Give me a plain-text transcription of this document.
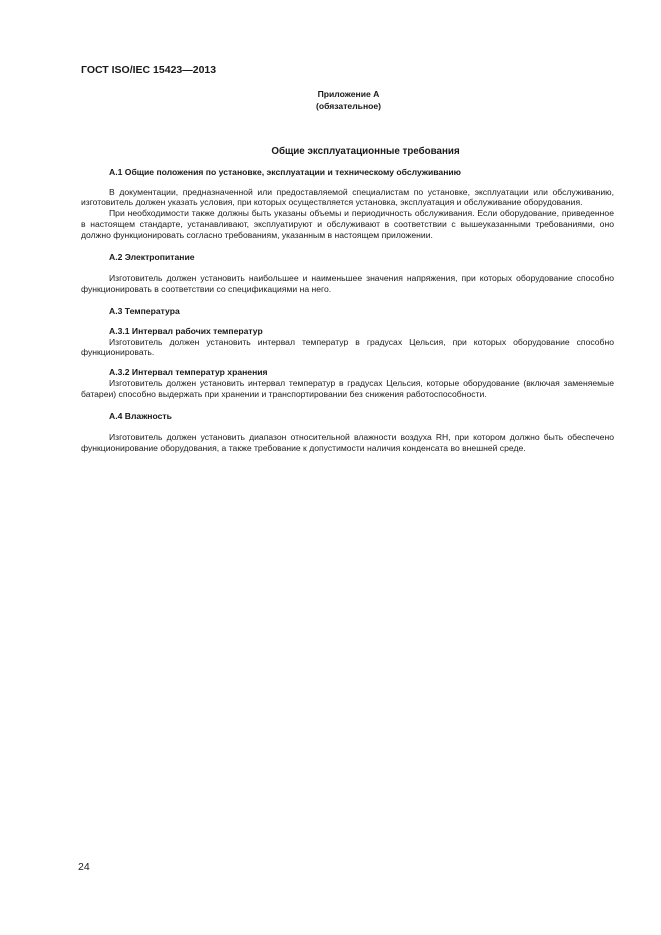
ГОСТ ISO/IEC 15423—2013
Приложение А
(обязательное)
Общие эксплуатационные требования
А.1 Общие положения по установке, эксплуатации и техническому обслуживанию

В документации, предназначенной или предоставляемой специалистам по установке, эксплуатации или обслуживанию, изготовитель должен указать условия, при которых осуществляется установка, эксплуатация и обслуживание оборудования.

При необходимости также должны быть указаны объемы и периодичность обслуживания. Если оборудование, приведенное в настоящем стандарте, устанавливают, эксплуатируют и обслуживают в соответствии с вышеуказанными требованиями, оно должно функционировать согласно требованиям, указанным в настоящем приложении.

А.2 Электропитание

Изготовитель должен установить наибольшее и наименьшее значения напряжения, при которых оборудование способно функционировать в соответствии со спецификациями на него.

А.3 Температура
А.3.1 Интервал рабочих температур

Изготовитель должен установить интервал температур в градусах Цельсия, при которых оборудование способно функционировать.

А.3.2 Интервал температур хранения

Изготовитель должен установить интервал температур в градусах Цельсия, которые оборудование (включая заменяемые батареи) способно выдержать при хранении и транспортировании без снижения работоспособности.

А.4 Влажность

Изготовитель должен установить диапазон относительной влажности воздуха RH, при котором должно быть обеспечено функционирование оборудования, а также требование к допустимости наличия конденсата во внешней среде.

24
